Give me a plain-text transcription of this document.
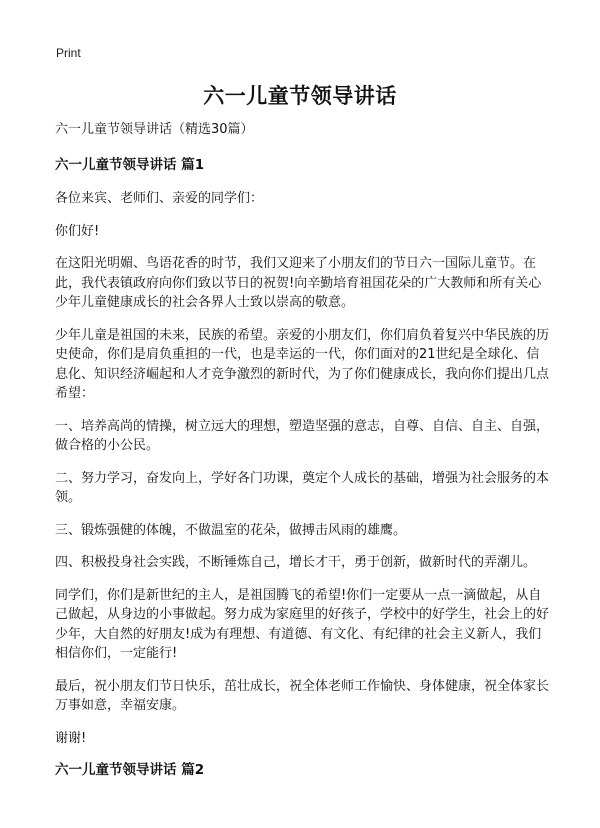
Print
六一儿童节领导讲话

六一儿童节领导讲话（精选30篇）

六一儿童节领导讲话 篇1

各位来宾、老师们、亲爱的同学们：

你们好!

在这阳光明媚、鸟语花香的时节，我们又迎来了小朋友们的节日六一国际儿童节。在此，我代表镇政府向你们致以节日的祝贺!向辛勤培育祖国花朵的广大教师和所有关心少年儿童健康成长的社会各界人士致以崇高的敬意。

少年儿童是祖国的未来，民族的希望。亲爱的小朋友们，你们肩负着复兴中华民族的历史使命，你们是肩负重担的一代，也是幸运的一代，你们面对的21世纪是全球化、信息化、知识经济崛起和人才竞争激烈的新时代，为了你们健康成长，我向你们提出几点希望：

一、培养高尚的情操，树立远大的理想，塑造坚强的意志，自尊、自信、自主、自强，做合格的小公民。

二、努力学习，奋发向上，学好各门功课，奠定个人成长的基础，增强为社会服务的本领。

三、锻炼强健的体魄，不做温室的花朵，做搏击风雨的雄鹰。

四、积极投身社会实践，不断锤炼自己，增长才干，勇于创新，做新时代的弄潮儿。

同学们，你们是新世纪的主人，是祖国腾飞的希望!你们一定要从一点一滴做起，从自己做起，从身边的小事做起。努力成为家庭里的好孩子，学校中的好学生，社会上的好少年，大自然的好朋友!成为有理想、有道德、有文化、有纪律的社会主义新人，我们相信你们，一定能行!

最后，祝小朋友们节日快乐，茁壮成长，祝全体老师工作愉快、身体健康，祝全体家长万事如意，幸福安康。

谢谢!

六一儿童节领导讲话 篇2
